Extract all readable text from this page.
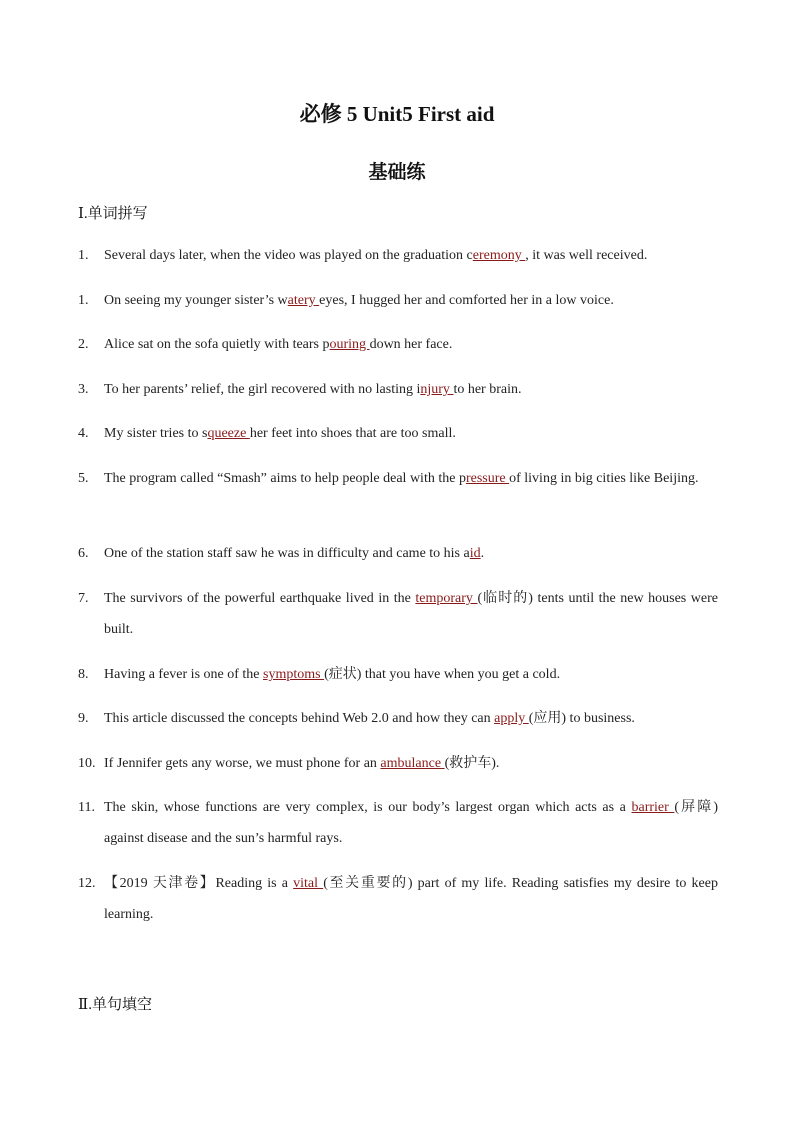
必修 5 Unit5 First aid
基础练
Ⅰ.单词拼写
1. Several days later, when the video was played on the graduation ceremony , it was well received.
1. On seeing my younger sister’s watery eyes, I hugged her and comforted her in a low voice.
2. Alice sat on the sofa quietly with tears pouring down her face.
3. To her parents’ relief, the girl recovered with no lasting injury to her brain.
4. My sister tries to squeeze her feet into shoes that are too small.
5. The program called “Smash” aims to help people deal with the pressure of living in big cities like Beijing.
6. One of the station staff saw he was in difficulty and came to his aid.
7. The survivors of the powerful earthquake lived in the temporary (临时的) tents until the new houses were built.
8. Having a fever is one of the symptoms (症状) that you have when you get a cold.
9. This article discussed the concepts behind Web 2.0 and how they can apply (应用) to business.
10. If Jennifer gets any worse, we must phone for an ambulance (救护车).
11. The skin, whose functions are very complex, is our body’s largest organ which acts as a barrier (屏障) against disease and the sun’s harmful rays.
12. 【2019 天津卷】Reading is a vital (至关重要的) part of my life. Reading satisfies my desire to keep learning.
Ⅱ.单句填空
